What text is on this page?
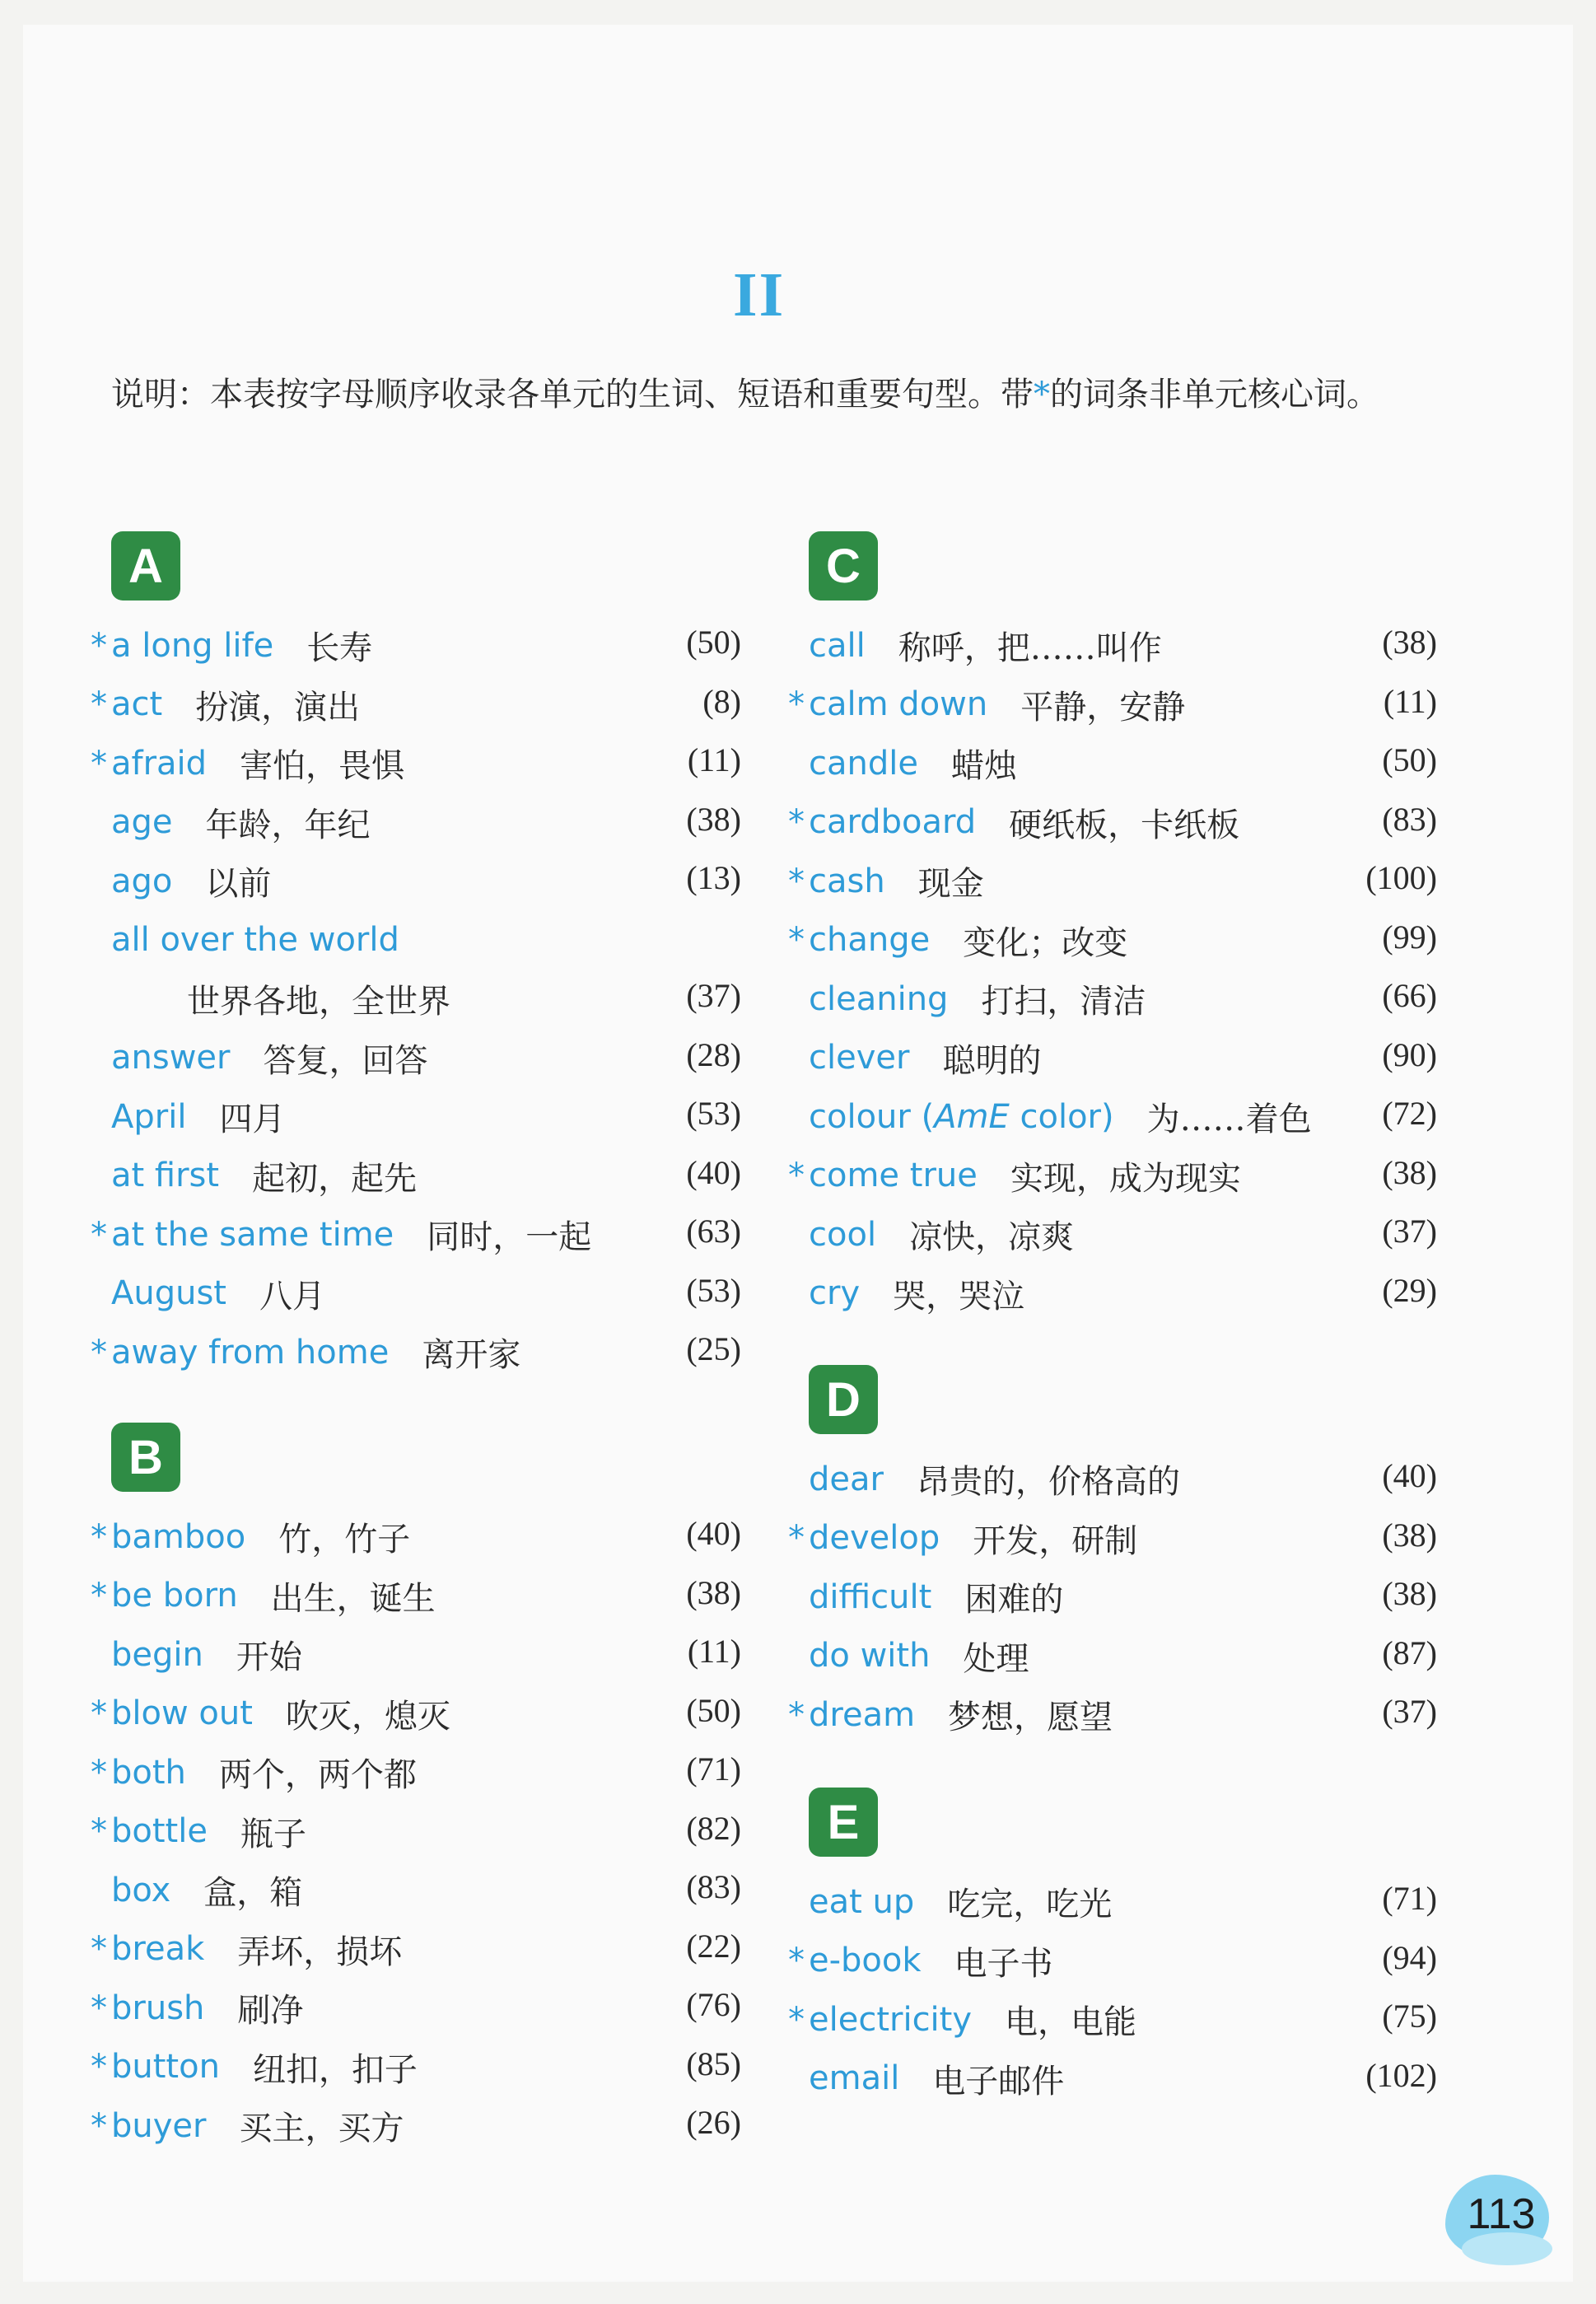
II
说明：本表按字母顺序收录各单元的生词、短语和重要句型。带*的词条非单元核心词。
A
* a long life 长寿	(50)
* act 扮演，演出	(8)
* afraid 害怕，畏惧	(11)
age 年龄，年纪	(38)
ago 以前	(13)
all over the world
世界各地，全世界	(37)
answer 答复，回答	(28)
April 四月	(53)
at first 起初，起先	(40)
* at the same time 同时，一起	(63)
August 八月	(53)
* away from home 离开家	(25)
B
* bamboo 竹，竹子	(40)
* be born 出生，诞生	(38)
begin 开始	(11)
* blow out 吹灭，熄灭	(50)
* both 两个，两个都	(71)
* bottle 瓶子	(82)
box 盒，箱	(83)
* break 弄坏，损坏	(22)
* brush 刷净	(76)
* button 纽扣，扣子	(85)
* buyer 买主，买方	(26)
C
call 称呼，把……叫作	(38)
* calm down 平静，安静	(11)
candle 蜡烛	(50)
* cardboard 硬纸板，卡纸板	(83)
* cash 现金	(100)
* change 变化；改变	(99)
cleaning 打扫，清洁	(66)
clever 聪明的	(90)
colour (AmE color) 为……着色	(72)
* come true 实现，成为现实	(38)
cool 凉快，凉爽	(37)
cry 哭，哭泣	(29)
D
dear 昂贵的，价格高的	(40)
* develop 开发，研制	(38)
difficult 困难的	(38)
do with 处理	(87)
* dream 梦想，愿望	(37)
E
eat up 吃完，吃光	(71)
* e-book 电子书	(94)
* electricity 电，电能	(75)
email 电子邮件	(102)
113
